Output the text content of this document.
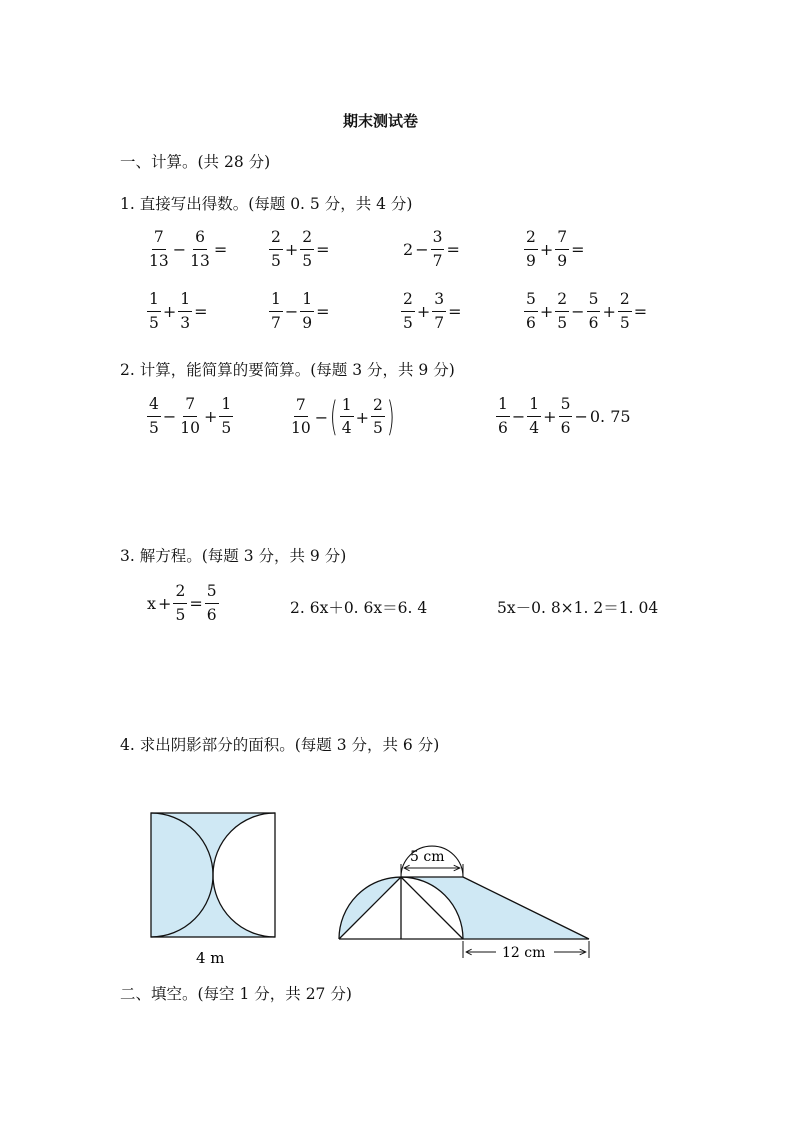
期末测试卷
一、计算。(共 28 分)
1. 直接写出得数。(每题 0. 5 分，共 4 分)
$\frac{7}{13} - \frac{6}{13}$ =	$\frac{2}{5} + \frac{2}{5}$ =	$2 - \frac{3}{7}$ =	$\frac{2}{9} + \frac{7}{9}$ =
$\frac{1}{5} + \frac{1}{3}$ =	$\frac{1}{7} - \frac{1}{9}$ =	$\frac{2}{5} + \frac{3}{7}$ =	$\frac{5}{6} + \frac{2}{5} - \frac{5}{6} + \frac{2}{5}$ =
2. 计算，能简算的要简算。(每题 3 分，共 9 分)
$\frac{4}{5} - \frac{7}{10} + \frac{1}{5}$	$\frac{7}{10}$ − ( $\frac{1}{4} + \frac{2}{5}$ )	$\frac{1}{6} - \frac{1}{4} + \frac{5}{6} - 0$. 75
3. 解方程。(每题 3 分，共 9 分)
$x + \frac{2}{5} = \frac{5}{6}$	2. 6x＋0. 6x＝6. 4	5x－0. 8×1. 2＝1. 04
4. 求出阴影部分的面积。(每题 3 分，共 6 分)
4 m
5 cm
12 cm
二、填空。(每空 1 分，共 27 分)
